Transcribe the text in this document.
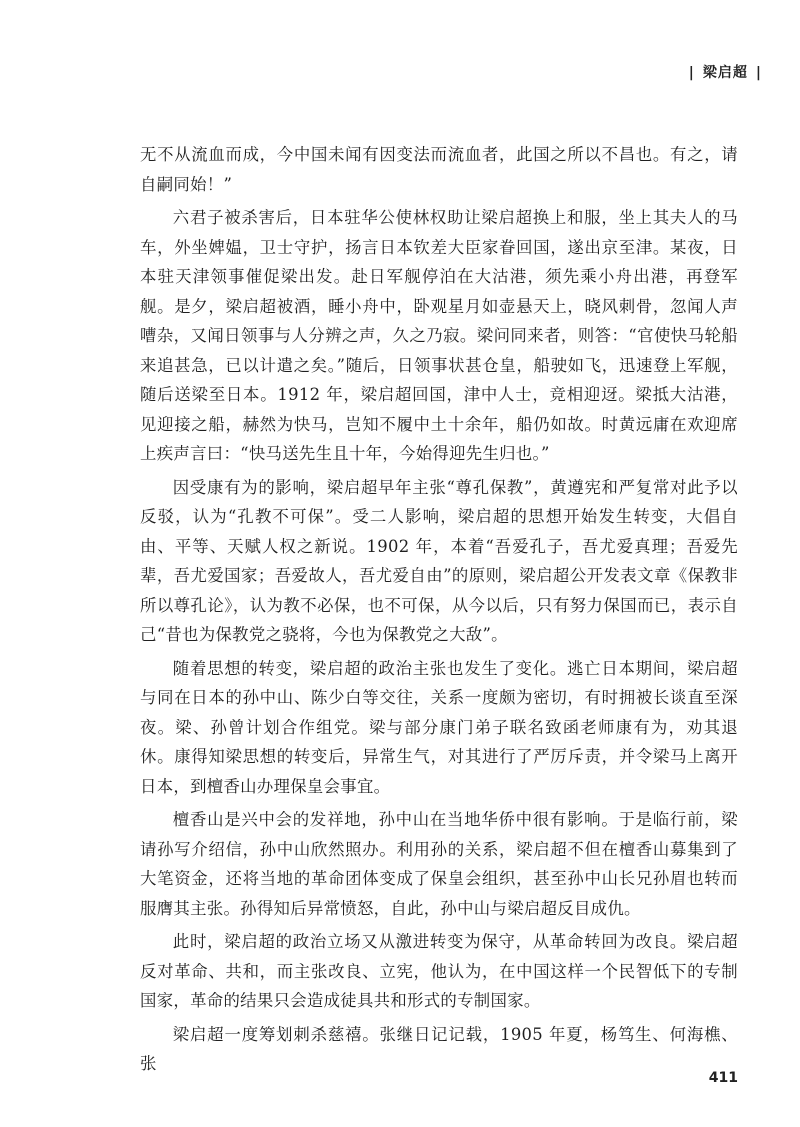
| 梁启超 |

无不从流血而成，今中国未闻有因变法而流血者，此国之所以不昌也。有之，请自嗣同始！”

六君子被杀害后，日本驻华公使林权助让梁启超换上和服，坐上其夫人的马车，外坐婢媪，卫士守护，扬言日本钦差大臣家眷回国，遂出京至津。某夜，日本驻天津领事催促梁出发。赴日军舰停泊在大沽港，须先乘小舟出港，再登军舰。是夕，梁启超被酒，睡小舟中，卧观星月如壶悬天上，晓风刺骨，忽闻人声嘈杂，又闻日领事与人分辨之声，久之乃寂。梁问同来者，则答：“官使快马轮船来追甚急，已以计遣之矣。”随后，日领事状甚仓皇，船驶如飞，迅速登上军舰，随后送梁至日本。1912 年，梁启超回国，津中人士，竞相迎迓。梁抵大沽港，见迎接之船，赫然为快马，岂知不履中土十余年，船仍如故。时黄远庸在欢迎席上疾声言曰：“快马送先生且十年，今始得迎先生归也。”

因受康有为的影响，梁启超早年主张“尊孔保教”，黄遵宪和严复常对此予以反驳，认为“孔教不可保”。受二人影响，梁启超的思想开始发生转变，大倡自由、平等、天赋人权之新说。1902 年，本着“吾爱孔子，吾尤爱真理；吾爱先辈，吾尤爱国家；吾爱故人，吾尤爱自由”的原则，梁启超公开发表文章《保教非所以尊孔论》，认为教不必保，也不可保，从今以后，只有努力保国而已，表示自己“昔也为保教党之骁将，今也为保教党之大敌”。

随着思想的转变，梁启超的政治主张也发生了变化。逃亡日本期间，梁启超与同在日本的孙中山、陈少白等交往，关系一度颇为密切，有时拥被长谈直至深夜。梁、孙曾计划合作组党。梁与部分康门弟子联名致函老师康有为，劝其退休。康得知梁思想的转变后，异常生气，对其进行了严厉斥责，并令梁马上离开日本，到檀香山办理保皇会事宜。

檀香山是兴中会的发祥地，孙中山在当地华侨中很有影响。于是临行前，梁请孙写介绍信，孙中山欣然照办。利用孙的关系，梁启超不但在檀香山募集到了大笔资金，还将当地的革命团体变成了保皇会组织，甚至孙中山长兄孙眉也转而服膺其主张。孙得知后异常愤怒，自此，孙中山与梁启超反目成仇。

此时，梁启超的政治立场又从激进转变为保守，从革命转回为改良。梁启超反对革命、共和，而主张改良、立宪，他认为，在中国这样一个民智低下的专制国家，革命的结果只会造成徒具共和形式的专制国家。

梁启超一度筹划刺杀慈禧。张继日记记载，1905 年夏，杨笃生、何海樵、张

411
